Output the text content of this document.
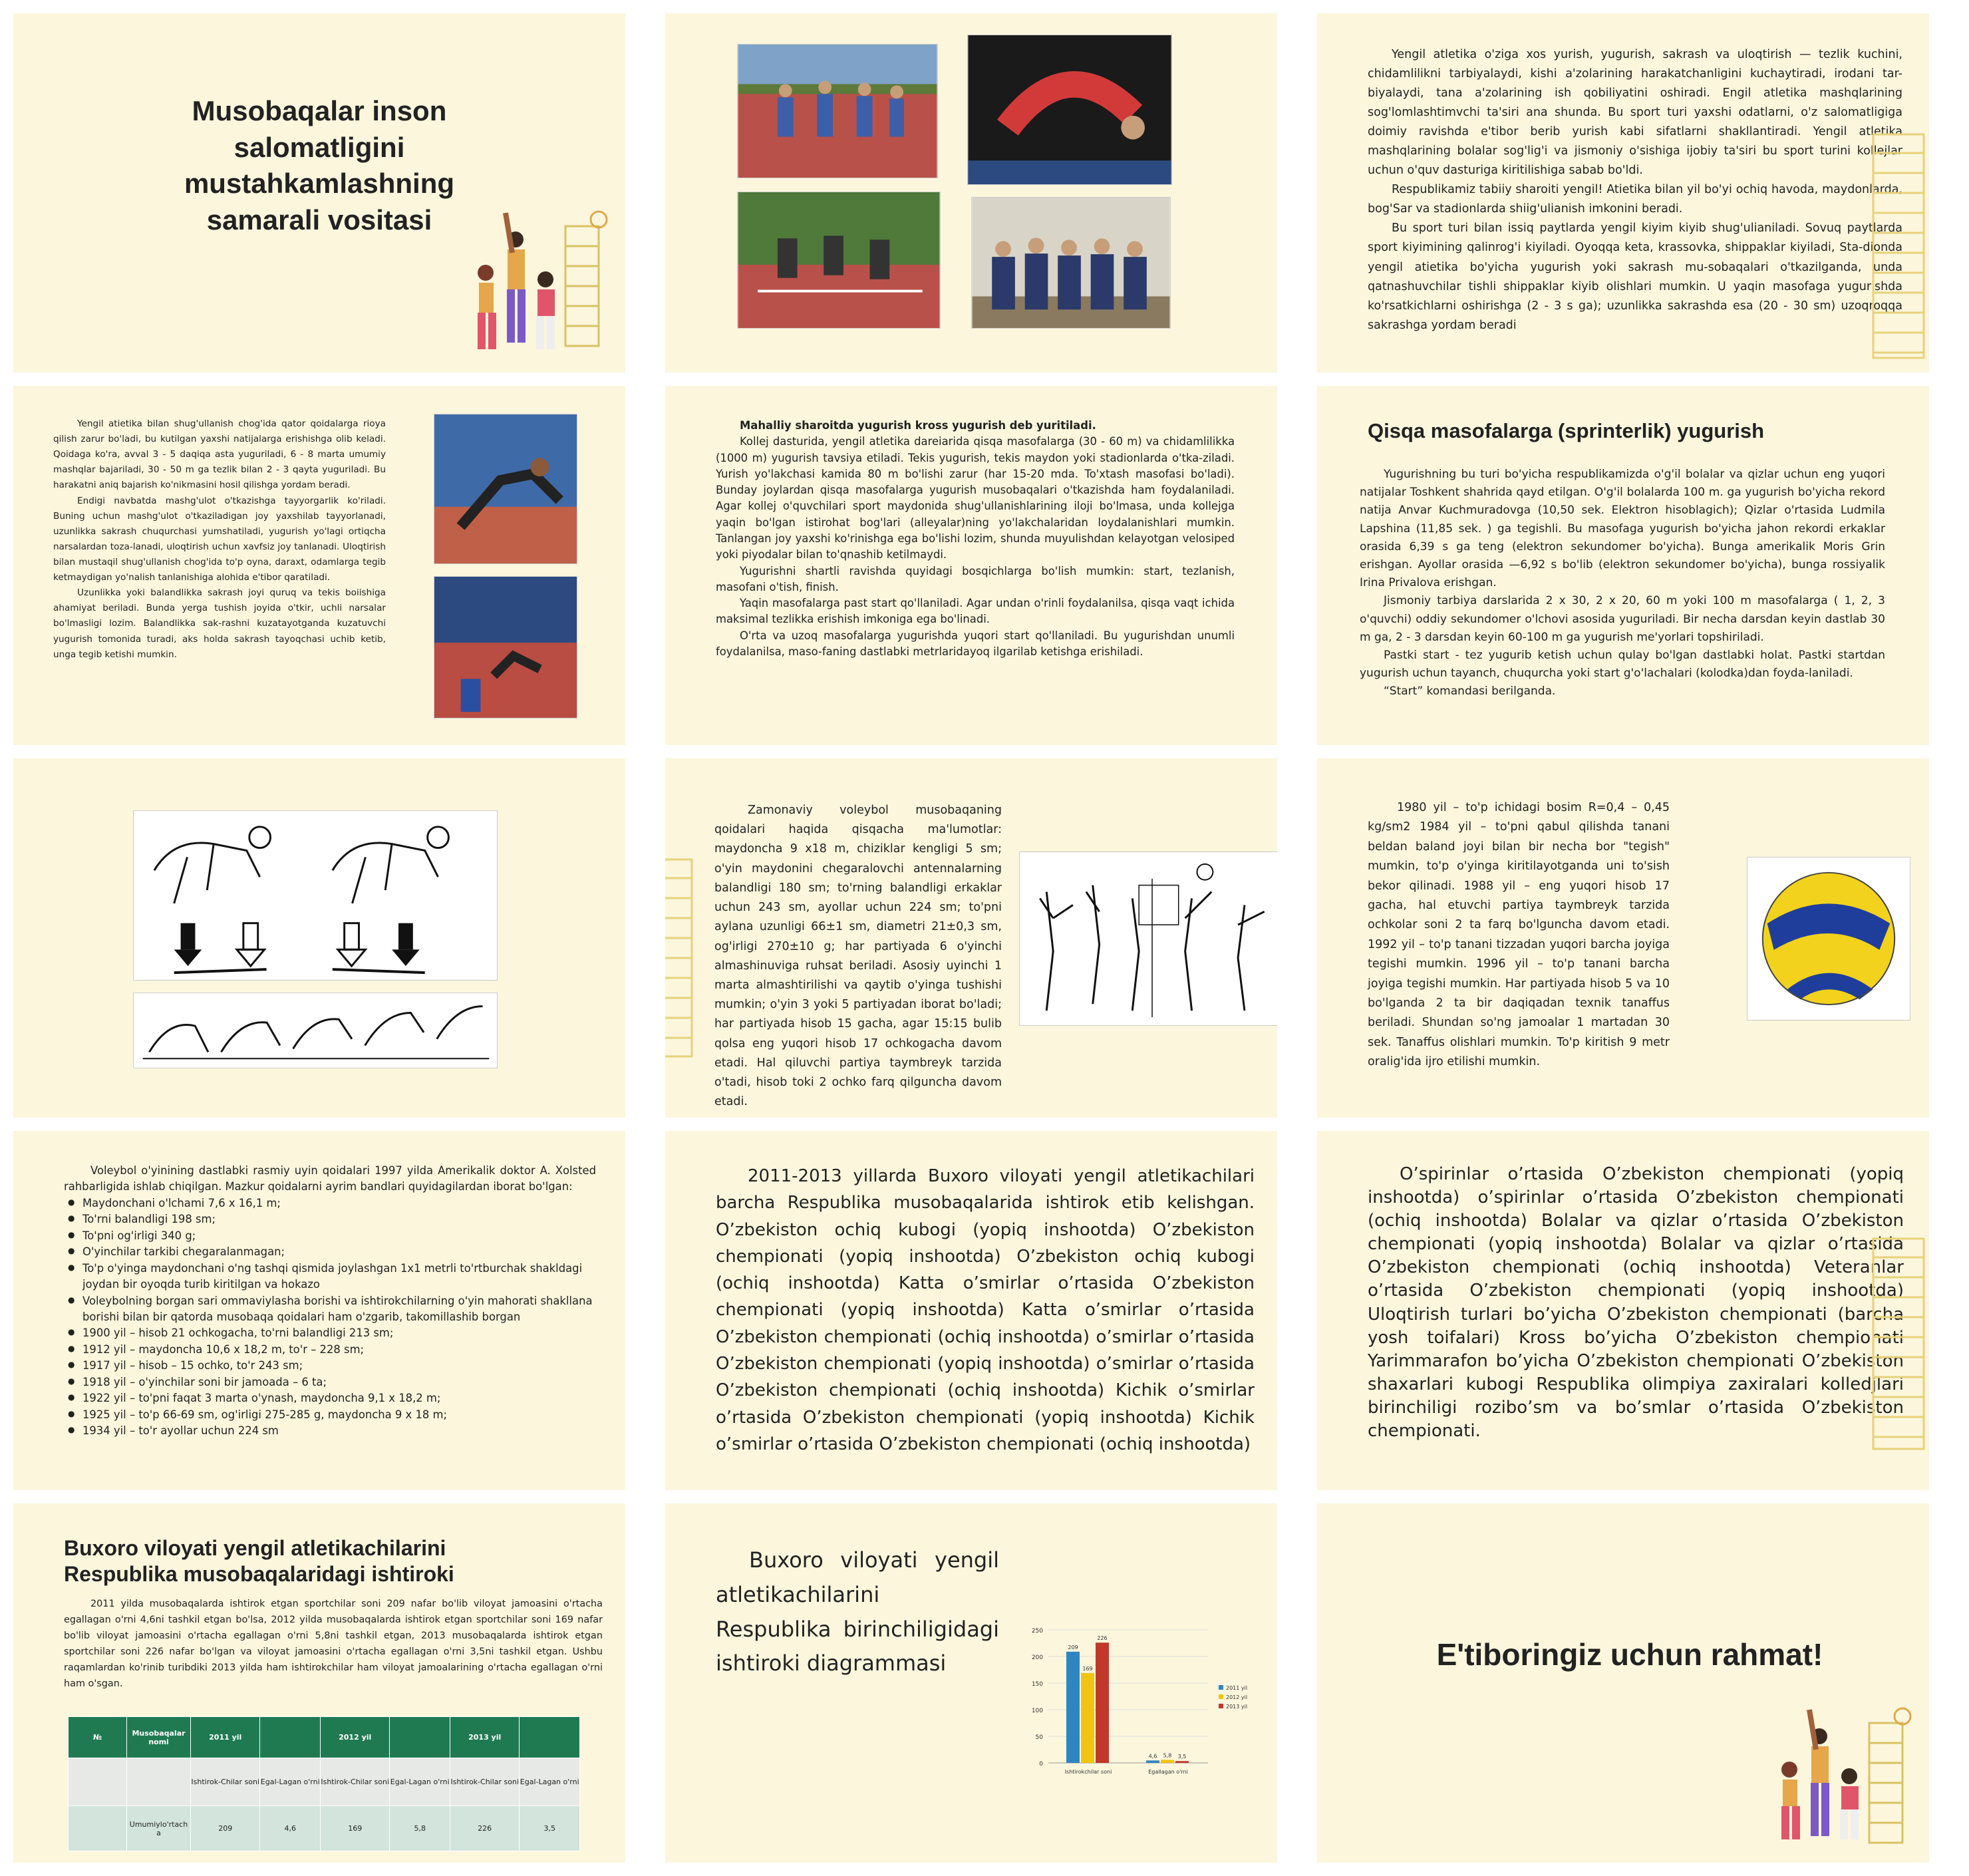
Musobaqalar inson salomatligini mustahkamlashning samarali vositasi

Yengil atletika o'ziga xos yurish, yugurish, sakrash va uloqtirish — tezlik kuchini, chidamlilikni tarbiyalaydi, kishi a'zolarining harakatchanligini kuchaytiradi, irodani tar-biyalaydi, tana a'zolarining ish qobiliyatini oshiradi. Engil atletika mashqlarining sog'lomlashtimvchi ta'siri ana shunda. Bu sport turi yaxshi odatlarni, o'z salomatligiga doimiy ravishda e'tibor berib yurish kabi sifatlarni shakllantiradi. Yengil atletika mashqlarining bolalar sog'lig'i va jismoniy o'sishiga ijobiy ta'siri bu sport turini kollejlar uchun o'quv dasturiga kiritilishiga sabab bo'ldi.

Respublikamiz tabiiy sharoiti yengil! Atietika bilan yil bo'yi ochiq havoda, maydonlarda, bog'Sar va stadionlarda shiig'ulianish imkonini beradi.

Bu sport turi bilan issiq paytlarda yengil kiyim kiyib shug'ulianiladi. Sovuq paytlarda sport kiyimining qalinrog'i kiyiladi. Oyoqqa keta, krassovka, shippaklar kiyiladi, Sta-dionda yengil atietika bo'yicha yugurish yoki sakrash mu-sobaqalari o'tkazilganda, unda qatnashuvchilar tishli shippaklar kiyib olishlari mumkin. U yaqin masofaga yugurishda ko'rsatkichlarni oshirishga (2 - 3 s ga); uzunlikka sakrashda esa (20 - 30 sm) uzoqroqqa sakrashga yordam beradi

Yengil atietika bilan shug'ullanish chog'ida qator qoidalarga rioya qilish zarur bo'ladi, bu kutilgan yaxshi natijalarga erishishga olib keladi. Qoidaga ko'ra, avval 3 - 5 daqiqa asta yuguriladi, 6 - 8 marta umumiy mashqlar bajariladi, 30 - 50 m ga tezlik bilan 2 - 3 qayta yuguriladi. Bu harakatni aniq bajarish ko'nikmasini hosil qilishga yordam beradi.

Endigi navbatda mashg'ulot o'tkazishga tayyorgarlik ko'riladi. Buning uchun mashg'ulot o'tkaziladigan joy yaxshilab tayyorlanadi, uzunlikka sakrash chuqurchasi yumshatiladi, yugurish yo'lagi ortiqcha narsalardan toza-lanadi, uloqtirish uchun xavfsiz joy tanlanadi. Uloqtirish bilan mustaqil shug'ullanish chog'ida to'p oyna, daraxt, odamlarga tegib ketmaydigan yo'nalish tanlanishiga alohida e'tibor qaratiladi.

Uzunlikka yoki balandlikka sakrash joyi quruq va tekis boiishiga ahamiyat beriladi. Bunda yerga tushish joyida o'tkir, uchli narsalar bo'lmasligi lozim. Balandlikka sak-rashni kuzatayotganda kuzatuvchi yugurish tomonida turadi, aks holda sakrash tayoqchasi uchib ketib, unga tegib ketishi mumkin.

Mahalliy sharoitda yugurish kross yugurish deb yuritiladi.

Kollej dasturida, yengil atletika dareiarida qisqa masofalarga (30 - 60 m) va chidamlilikka (1000 m) yugurish tavsiya etiladi. Tekis yugurish, tekis maydon yoki stadionlarda o'tka-ziladi. Yurish yo'lakchasi kamida 80 m bo'lishi zarur (har 15-20 mda. To'xtash masofasi bo'ladi). Bunday joylardan qisqa masofalarga yugurish musobaqalari o'tkazishda ham foydalaniladi. Agar kollej o'quvchilari sport maydonida shug'ullanishlarining iloji bo'lmasa, unda kollejga yaqin bo'lgan istirohat bog'lari (alleyalar)ning yo'lakchalaridan loydalanishlari mumkin. Tanlangan joy yaxshi ko'rinishga ega bo'lishi lozim, shunda muyulishdan kelayotgan velosiped yoki piyodalar bilan to'qnashib ketilmaydi.

Yugurishni shartli ravishda quyidagi bosqichlarga bo'lish mumkin: start, tezlanish, masofani o'tish, finish.

Yaqin masofalarga past start qo'llaniladi. Agar undan o'rinli foydalanilsa, qisqa vaqt ichida maksimal tezlikka erishish imkoniga ega bo'linadi.

O'rta va uzoq masofalarga yugurishda yuqori start qo'llaniladi. Bu yugurishdan unumli foydalanilsa, maso-faning dastlabki metrlaridayoq ilgarilab ketishga erishiladi.

Qisqa masofalarga (sprinterlik) yugurish

Yugurishning bu turi bo'yicha respublikamizda o'g'il bolalar va qizlar uchun eng yuqori natijalar Toshkent shahrida qayd etilgan. O'g'il bolalarda 100 m. ga yugurish bo'yicha rekord natija Anvar Kuchmuradovga (10,50 sek. Elektron hisoblagich); Qizlar o'rtasida Ludmila Lapshina (11,85 sek. ) ga tegishli. Bu masofaga yugurish bo'yicha jahon rekordi erkaklar orasida 6,39 s ga teng (elektron sekundomer bo'yicha). Bunga amerikalik Moris Grin erishgan. Ayollar orasida —6,92 s bo'lib (elektron sekundomer bo'yicha), bunga rossiyalik Irina Privalova erishgan.

Jismoniy tarbiya darslarida 2 x 30, 2 x 20, 60 m yoki 100 m masofalarga ( 1, 2, 3 o'quvchi) oddiy sekundomer o'lchovi asosida yuguriladi. Bir necha darsdan keyin dastlab 30 m ga, 2 - 3 darsdan keyin 60-100 m ga yugurish me'yorlari topshiriladi.

Pastki start - tez yugurib ketish uchun qulay bo'lgan dastlabki holat. Pastki startdan yugurish uchun tayanch, chuqurcha yoki start g'o'lachalari (kolodka)dan foyda-laniladi.

“Start” komandasi berilganda.

Zamonaviy voleybol musobaqaning qoidalari haqida qisqacha ma'lumotlar: maydoncha 9 x18 m, chiziklar kengligi 5 sm; o'yin maydonini chegaralovchi antennalarning balandligi 180 sm; to'rning balandligi erkaklar uchun 243 sm, ayollar uchun 224 sm; to'pni aylana uzunligi 66±1 sm, diametri 21±0,3 sm, og'irligi 270±10 g; har partiyada 6 o'yinchi almashinuviga ruhsat beriladi. Asosiy uyinchi 1 marta almashtirilishi va qaytib o'yinga tushishi mumkin; o'yin 3 yoki 5 partiyadan iborat bo'ladi; har partiyada hisob 15 gacha, agar 15:15 bulib qolsa eng yuqori hisob 17 ochkogacha davom etadi. Hal qiluvchi partiya taymbreyk tarzida o'tadi, hisob toki 2 ochko farq qilguncha davom etadi.
1980 yil – to'p ichidagi bosim R=0,4 – 0,45 kg/sm2 1984 yil – to'pni qabul qilishda tanani beldan baland joyi bilan bir necha bor "tegish" mumkin, to'p o'yinga kiritilayotganda uni to'sish bekor qilinadi. 1988 yil – eng yuqori hisob 17 gacha, hal etuvchi partiya taymbreyk tarzida ochkolar soni 2 ta farq bo'lguncha davom etadi. 1992 yil – to'p tanani tizzadan yuqori barcha joyiga tegishi mumkin. 1996 yil – to'p tanani barcha joyiga tegishi mumkin. Har partiyada hisob 5 va 10 bo'lganda 2 ta bir daqiqadan texnik tanaffus beriladi. Shundan so'ng jamoalar 1 martadan 30 sek. Tanaffus olishlari mumkin. To'p kiritish 9 metr oralig'ida ijro etilishi mumkin.

Voleybol o'yinining dastlabki rasmiy uyin qoidalari 1997 yilda Amerikalik doktor A. Xolsted rahbarligida ishlab chiqilgan. Mazkur qoidalarni ayrim bandlari quyidagilardan iborat bo'lgan:

● Maydonchani o'lchami 7,6 x 16,1 m;
● To'rni balandligi 198 sm;
● To'pni og'irligi 340 g;
● O'yinchilar tarkibi chegaralanmagan;
● To'p o'yinga maydonchani o'ng tashqi qismida joylashgan 1x1 metrli to'rtburchak shakldagi joydan bir oyoqda turib kiritilgan va hokazo
● Voleybolning borgan sari ommaviylasha borishi va ishtirokchilarning o'yin mahorati shakllana borishi bilan bir qatorda musobaqa qoidalari ham o'zgarib, takomillashib borgan
● 1900 yil – hisob 21 ochkogacha, to'rni balandligi 213 sm;
● 1912 yil – maydoncha 10,6 x 18,2 m, to'r – 228 sm;
● 1917 yil – hisob – 15 ochko, to'r 243 sm;
● 1918 yil – o'yinchilar soni bir jamoada – 6 ta;
● 1922 yil – to'pni faqat 3 marta o'ynash, maydoncha 9,1 x 18,2 m;
● 1925 yil – to'p 66-69 sm, og'irligi 275-285 g, maydoncha 9 x 18 m;
● 1934 yil – to'r ayollar uchun 224 sm
2011-2013 yillarda Buxoro viloyati yengil atletikachilari barcha Respublika musobaqalarida ishtirok etib kelishgan. O’zbekiston ochiq kubogi (yopiq inshootda) O’zbekiston chempionati (yopiq inshootda) O’zbekiston ochiq kubogi (ochiq inshootda) Katta o’smirlar o’rtasida O’zbekiston chempionati (yopiq inshootda) Katta o’smirlar o’rtasida O’zbekiston chempionati (ochiq inshootda) o’smirlar o’rtasida O’zbekiston chempionati (yopiq inshootda) o’smirlar o’rtasida O’zbekiston chempionati (ochiq inshootda) Kichik o’smirlar o’rtasida O’zbekiston chempionati (yopiq inshootda) Kichik o’smirlar o’rtasida O’zbekiston chempionati (ochiq inshootda)
O’spirinlar o’rtasida O’zbekiston chempionati (yopiq inshootda) o’spirinlar o’rtasida O’zbekiston chempionati (ochiq inshootda) Bolalar va qizlar o’rtasida O’zbekiston chempionati (yopiq inshootda) Bolalar va qizlar o’rtasida O’zbekiston chempionati (ochiq inshootda) Veteranlar o’rtasida O’zbekiston chempionati (yopiq inshootda) Uloqtirish turlari bo’yicha O’zbekiston chempionati (barcha yosh toifalari) Kross bo’yicha O’zbekiston chempionati Yarimmarafon bo’yicha O’zbekiston chempionati O’zbekiston shaxarlari kubogi Respublika olimpiya zaxiralari kolledjlari birinchiligi rozibo’sm va bo’smlar o’rtasida O’zbekiston chempionati.
Buxoro viloyati yengil atletikachilarini Respublika musobaqalaridagi ishtiroki
2011 yilda musobaqalarda ishtirok etgan sportchilar soni 209 nafar bo'lib viloyat jamoasini o'rtacha egallagan o'rni 4,6ni tashkil etgan bo'lsa, 2012 yilda musobaqalarda ishtirok etgan sportchilar soni 169 nafar bo'lib viloyat jamoasini o'rtacha egallagan o'rni 5,8ni tashkil etgan, 2013 musobaqalarda ishtirok etgan sportchilar soni 226 nafar bo'lgan va viloyat jamoasini o'rtacha egallagan o'rni 3,5ni tashkil etgan. Ushbu raqamlardan ko'rinib turibdiki 2013 yilda ham ishtirokchilar ham viloyat jamoalarining o'rtacha egallagan o'rni ham o'sgan.
№	Musobaqalar nomi	2011 yil		2012 yil		2013 yil	
		Ishtirok-Chilar soni	Egal-Lagan o'rni	Ishtirok-Chilar soni	Egal-Lagan o'rni	Ishtirok-Chilar soni	Egal-Lagan o'rni
	Umumiylo'rtach a	209	4,6	169	5,8	226	3,5
Buxoro viloyati yengil atletikachilarini Respublika birinchiligidagi ishtiroki diagrammasi
0
50
100
150
200
250
209
169
226
Ishtirokchilar soni
4,6 5,8 3,5
Egallagan o'rni
2011 yil
2012 yil
2013 yil
E'tiboringiz uchun rahmat!
